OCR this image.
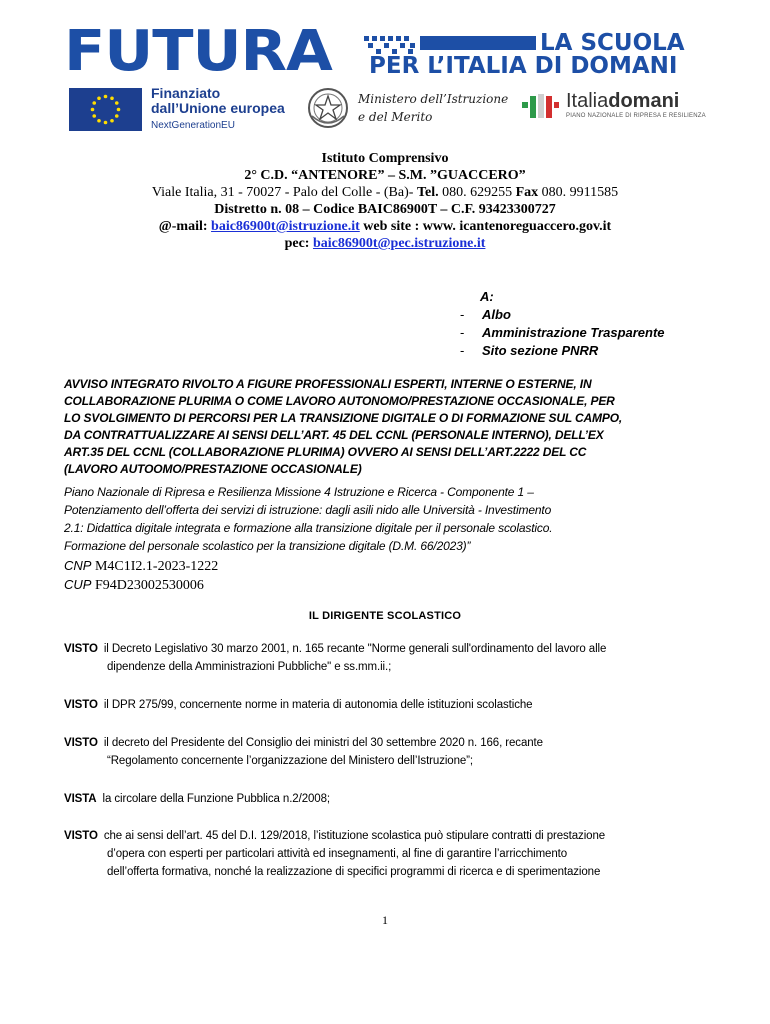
FUTURA	LA SCUOLA
PER L’ITALIA DI DOMANI
Finanziato
dall’Unione europea
NextGenerationEU
Ministero dell’Istruzione
e del Merito
Italiadomani
PIANO NAZIONALE DI RIPRESA E RESILIENZA
Istituto Comprensivo
2° C.D. “ANTENORE” – S.M. ”GUACCERO”
Viale Italia, 31 - 70027 - Palo del Colle - (Ba)- Tel. 080. 629255 Fax 080. 9911585
Distretto n. 08 – Codice BAIC86900T – C.F. 93423300727
@-mail: baic86900t@istruzione.it web site : www. icantenoreguaccero.gov.it
pec: baic86900t@pec.istruzione.it
A:
-	Albo
-	Amministrazione Trasparente
-	Sito sezione PNRR
AVVISO INTEGRATO RIVOLTO A FIGURE PROFESSIONALI ESPERTI, INTERNE O ESTERNE, IN
COLLABORAZIONE PLURIMA O COME LAVORO AUTONOMO/PRESTAZIONE OCCASIONALE, PER
LO SVOLGIMENTO DI PERCORSI PER LA TRANSIZIONE DIGITALE O DI FORMAZIONE SUL CAMPO,
DA CONTRATTUALIZZARE AI SENSI DELL’ART. 45 DEL CCNL (PERSONALE INTERNO), DELL’EX
ART.35 DEL CCNL (COLLABORAZIONE PLURIMA) OVVERO AI SENSI DELL’ART.2222 DEL CC
(LAVORO AUTOOMO/PRESTAZIONE OCCASIONALE)
Piano Nazionale di Ripresa e Resilienza Missione 4 Istruzione e Ricerca - Componente 1 –
Potenziamento dell’offerta dei servizi di istruzione: dagli asili nido alle Università - Investimento
2.1: Didattica digitale integrata e formazione alla transizione digitale per il personale scolastico.
Formazione del personale scolastico per la transizione digitale (D.M. 66/2023)”
CNP M4C1I2.1-2023-1222
CUP F94D23002530006
IL DIRIGENTE SCOLASTICO
VISTO il Decreto Legislativo 30 marzo 2001, n. 165 recante "Norme generali sull'ordinamento del lavoro alle
dipendenze della Amministrazioni Pubbliche" e ss.mm.ii.;
VISTO il DPR 275/99, concernente norme in materia di autonomia delle istituzioni scolastiche
VISTO il decreto del Presidente del Consiglio dei ministri del 30 settembre 2020 n. 166, recante
“Regolamento concernente l’organizzazione del Ministero dell’Istruzione”;
VISTA la circolare della Funzione Pubblica n.2/2008;
VISTO che ai sensi dell’art. 45 del D.I. 129/2018, l’istituzione scolastica può stipulare contratti di prestazione
d’opera con esperti per particolari attività ed insegnamenti, al fine di garantire l’arricchimento
dell’offerta formativa, nonché la realizzazione di specifici programmi di ricerca e di sperimentazione
1
